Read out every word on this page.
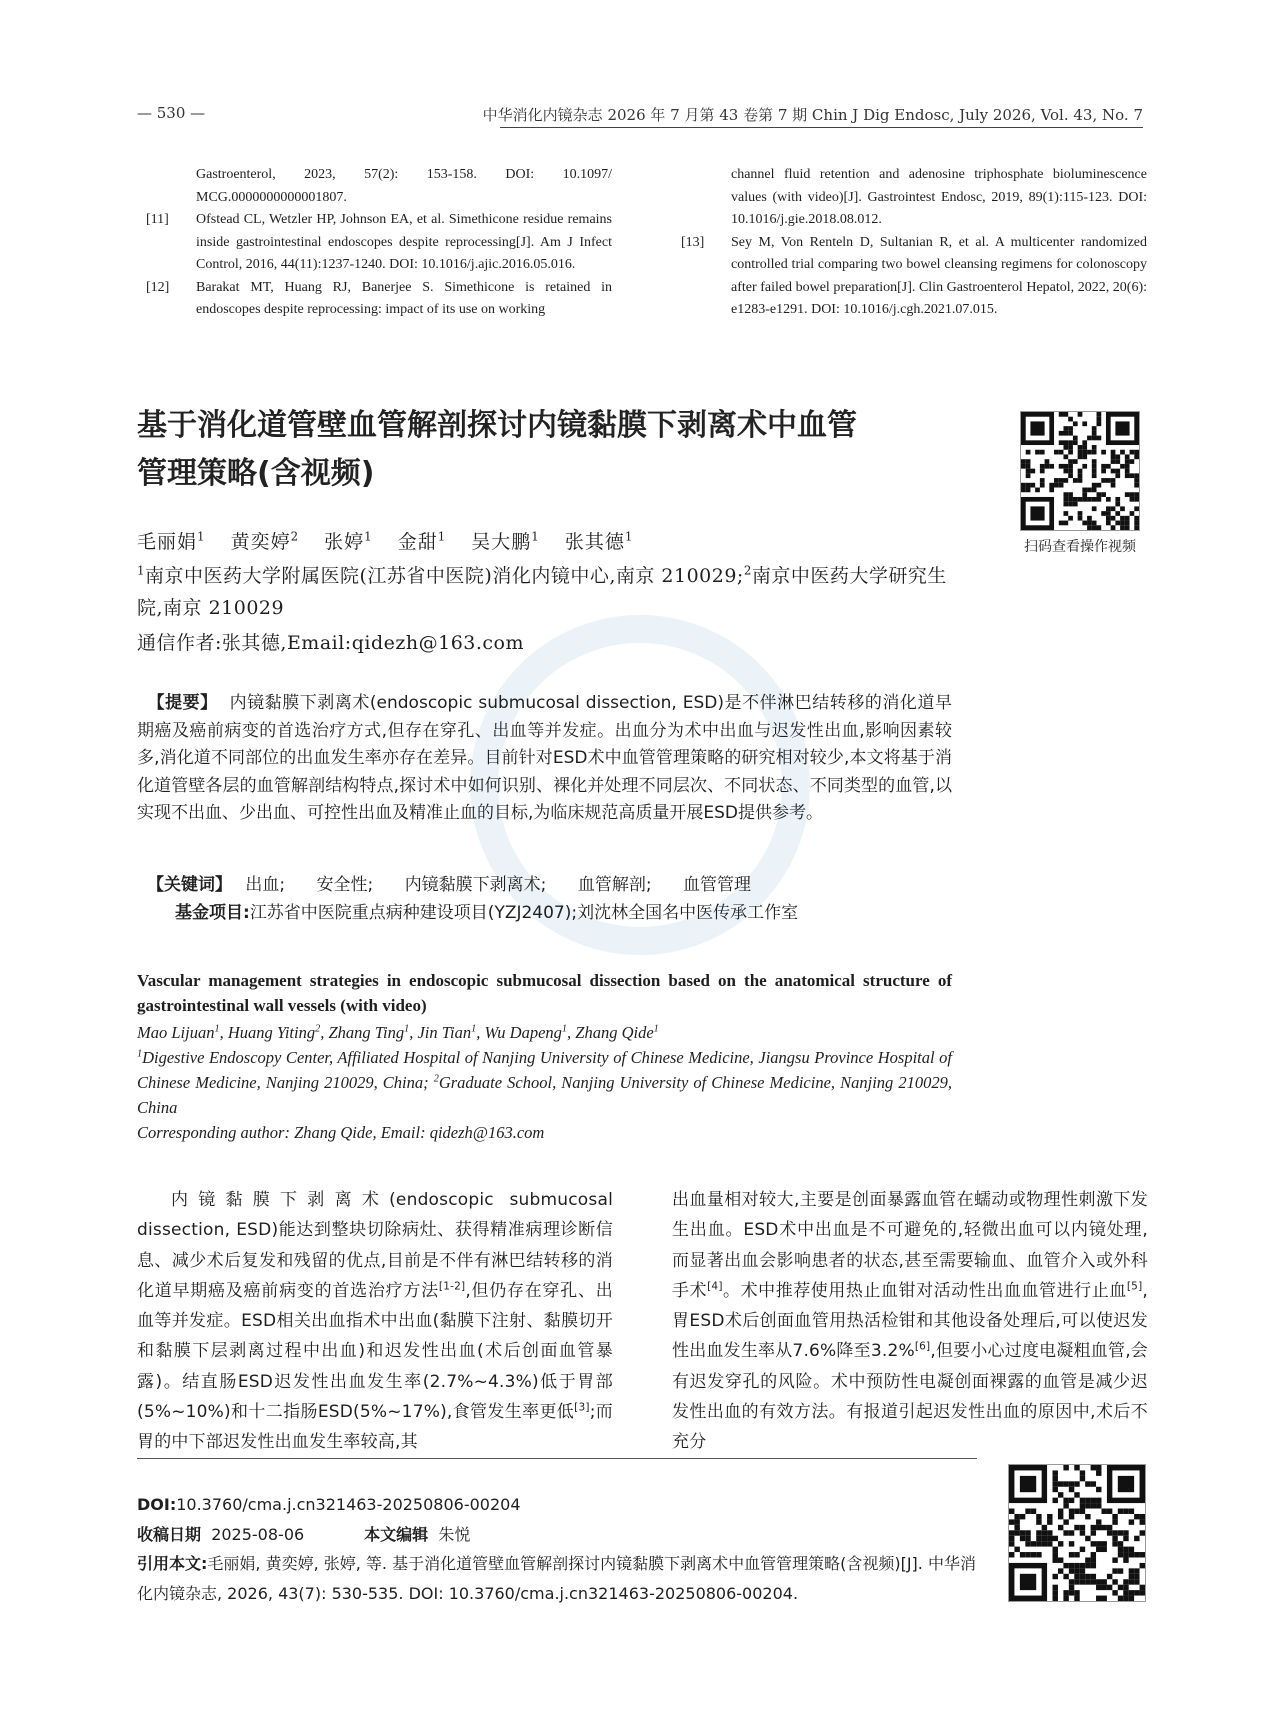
— 530 —	中华消化内镜杂志 2026 年 7 月第 43 卷第 7 期 Chin J Dig Endosc, July 2026, Vol. 43, No. 7
Gastroenterol, 2023, 57(2): 153-158. DOI: 10.1097/ MCG.0000000000001807.
[11] Ofstead CL, Wetzler HP, Johnson EA, et al. Simethicone residue remains inside gastrointestinal endoscopes despite reprocessing[J]. Am J Infect Control, 2016, 44(11):1237-1240. DOI: 10.1016/j.ajic.2016.05.016.
[12] Barakat MT, Huang RJ, Banerjee S. Simethicone is retained in endoscopes despite reprocessing: impact of its use on working
channel fluid retention and adenosine triphosphate bioluminescence values (with video)[J]. Gastrointest Endosc, 2019, 89(1):115-123. DOI: 10.1016/j.gie.2018.08.012.
[13] Sey M, Von Renteln D, Sultanian R, et al. A multicenter randomized controlled trial comparing two bowel cleansing regimens for colonoscopy after failed bowel preparation[J]. Clin Gastroenterol Hepatol, 2022, 20(6): e1283-e1291. DOI: 10.1016/j.cgh.2021.07.015.
基于消化道管壁血管解剖探讨内镜黏膜下剥离术中血管
管理策略(含视频)
毛丽娟$^1$ 黄奕婷$^2$ 张婷$^1$ 金甜$^1$ 吴大鹏$^1$ 张其德$^1$
$^1$南京中医药大学附属医院(江苏省中医院)消化内镜中心,南京 210029;$^2$南京中医药大学研究生院,南京 210029
通信作者:张其德,Email:qidezh@163.com
扫码查看操作视频
【提要】 内镜黏膜下剥离术(endoscopic submucosal dissection, ESD)是不伴淋巴结转移的消化道早期癌及癌前病变的首选治疗方式,但存在穿孔、出血等并发症。出血分为术中出血与迟发性出血,影响因素较多,消化道不同部位的出血发生率亦存在差异。目前针对ESD术中血管管理策略的研究相对较少,本文将基于消化道管壁各层的血管解剖结构特点,探讨术中如何识别、裸化并处理不同层次、不同状态、不同类型的血管,以实现不出血、少出血、可控性出血及精准止血的目标,为临床规范高质量开展ESD提供参考。
【关键词】 出血; 安全性; 内镜黏膜下剥离术; 血管解剖; 血管管理
基金项目:江苏省中医院重点病种建设项目(YZJ2407);刘沈林全国名中医传承工作室
Vascular management strategies in endoscopic submucosal dissection based on the anatomical structure of gastrointestinal wall vessels (with video)
Mao Lijuan$^1$, Huang Yiting$^2$, Zhang Ting$^1$, Jin Tian$^1$, Wu Dapeng$^1$, Zhang Qide$^1$
$^1$Digestive Endoscopy Center, Affiliated Hospital of Nanjing University of Chinese Medicine, Jiangsu Province Hospital of Chinese Medicine, Nanjing 210029, China; $^2$Graduate School, Nanjing University of Chinese Medicine, Nanjing 210029, China
Corresponding author: Zhang Qide, Email: qidezh@163.com
内镜黏膜下剥离术(endoscopic submucosal dissection, ESD)能达到整块切除病灶、获得精准病理诊断信息、减少术后复发和残留的优点,目前是不伴有淋巴结转移的消化道早期癌及癌前病变的首选治疗方法[1-2],但仍存在穿孔、出血等并发症。ESD相关出血指术中出血(黏膜下注射、黏膜切开和黏膜下层剥离过程中出血)和迟发性出血(术后创面血管暴露)。结直肠ESD迟发性出血发生率(2.7%~4.3%)低于胃部(5%~10%)和十二指肠ESD(5%~17%),食管发生率更低[3];而胃的中下部迟发性出血发生率较高,其
出血量相对较大,主要是创面暴露血管在蠕动或物理性刺激下发生出血。ESD术中出血是不可避免的,轻微出血可以内镜处理,而显著出血会影响患者的状态,甚至需要输血、血管介入或外科手术[4]。术中推荐使用热止血钳对活动性出血血管进行止血[5],胃ESD术后创面血管用热活检钳和其他设备处理后,可以使迟发性出血发生率从7.6%降至3.2%[6],但要小心过度电凝粗血管,会有迟发穿孔的风险。术中预防性电凝创面裸露的血管是减少迟发性出血的有效方法。有报道引起迟发性出血的原因中,术后不充分
DOI:10.3760/cma.j.cn321463-20250806-00204
收稿日期 2025-08-06	本文编辑 朱悦
引用本文:毛丽娟, 黄奕婷, 张婷, 等. 基于消化道管壁血管解剖探讨内镜黏膜下剥离术中血管管理策略(含视频)[J]. 中华消化内镜杂志, 2026, 43(7): 530-535. DOI: 10.3760/cma.j.cn321463-20250806-00204.
